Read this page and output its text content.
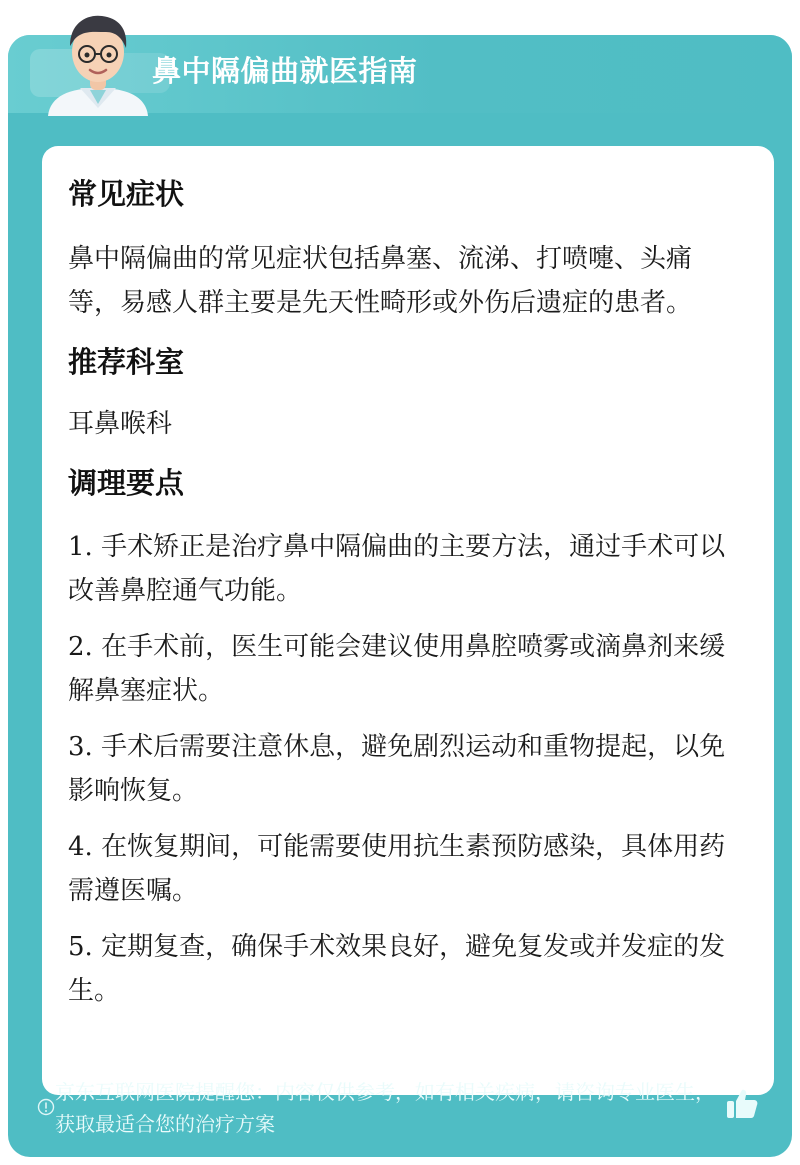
常见症状

鼻中隔偏曲的常见症状包括鼻塞、流涕、打喷嚏、头痛等，易感人群主要是先天性畸形或外伤后遗症的患者。

推荐科室

耳鼻喉科

调理要点

1. 手术矫正是治疗鼻中隔偏曲的主要方法，通过手术可以改善鼻腔通气功能。

2. 在手术前，医生可能会建议使用鼻腔喷雾或滴鼻剂来缓解鼻塞症状。

3. 手术后需要注意休息，避免剧烈运动和重物提起，以免影响恢复。

4. 在恢复期间，可能需要使用抗生素预防感染，具体用药需遵医嘱。

5. 定期复查，确保手术效果良好，避免复发或并发症的发生。

鼻中隔偏曲就医指南
京东互联网医院提醒您：内容仅供参考，如有相关疾病，请咨询专业医生，获取最适合您的治疗方案
